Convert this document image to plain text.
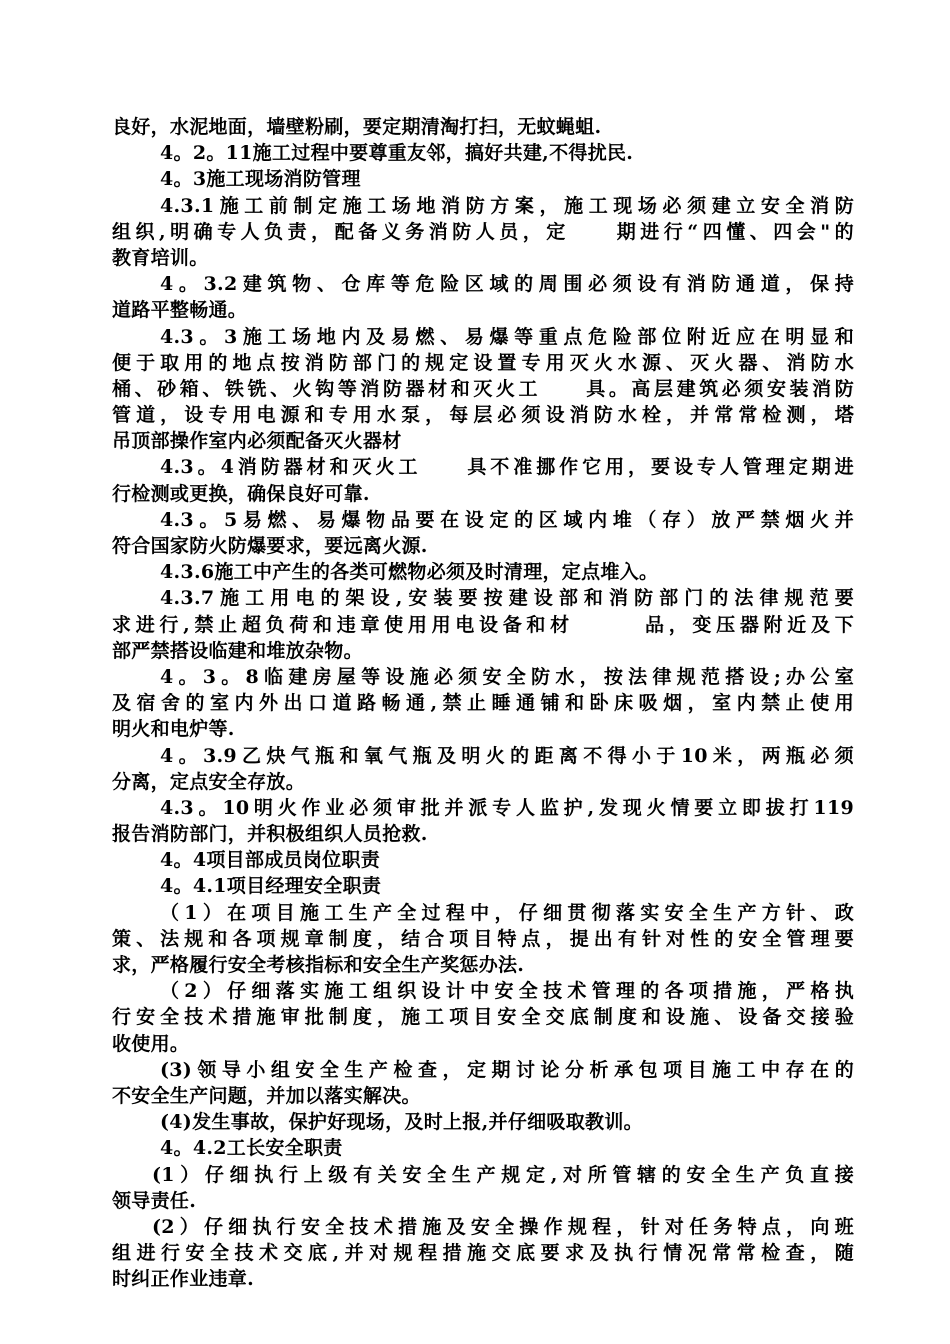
良好，水泥地面，墙壁粉刷，要定期清淘打扫，无蚊蝇蛆.
4。2。11施工过程中要尊重友邻，搞好共建,不得扰民.
4。3施工现场消防管理
4.3.1施工前制定施工场地消防方案，施工现场必须建立安全消防
组织,明确专人负责，配备义务消防人员，定　　期进行“四懂、四会"的
教育培训。
4。3.2建筑物、仓库等危险区域的周围必须设有消防通道，保持
道路平整畅通。
4.3。3施工场地内及易燃、易爆等重点危险部位附近应在明显和
便于取用的地点按消防部门的规定设置专用灭火水源、灭火器、消防水
桶、砂箱、铁铣、火钩等消防器材和灭火工　　具。高层建筑必须安装消防
管道，设专用电源和专用水泵，每层必须设消防水栓，并常常检测，塔
吊顶部操作室内必须配备灭火器材
4.3。4消防器材和灭火工　　具不准挪作它用，要设专人管理定期进
行检测或更换，确保良好可靠.
4.3。5易燃、易爆物品要在设定的区域内堆（存）放严禁烟火并
符合国家防火防爆要求，要远离火源.
4.3.6施工中产生的各类可燃物必须及时清理，定点堆入。
4.3.7施工用电的架设,安装要按建设部和消防部门的法律规范要
求进行,禁止超负荷和违章使用用电设备和材　　　品，变压器附近及下
部严禁搭设临建和堆放杂物。
4。3。8临建房屋等设施必须安全防水，按法律规范搭设;办公室
及宿舍的室内外出口道路畅通,禁止睡通铺和卧床吸烟，室内禁止使用
明火和电炉等.
4。3.9乙炔气瓶和氧气瓶及明火的距离不得小于10米，两瓶必须
分离，定点安全存放。
4.3。10明火作业必须审批并派专人监护,发现火情要立即拔打119
报告消防部门，并积极组织人员抢救.
4。4项目部成员岗位职责
4。4.1项目经理安全职责
（1）在项目施工生产全过程中，仔细贯彻落实安全生产方针、政
策、法规和各项规章制度，结合项目特点，提出有针对性的安全管理要
求，严格履行安全考核指标和安全生产奖惩办法.
（2）仔细落实施工组织设计中安全技术管理的各项措施，严格执
行安全技术措施审批制度，施工项目安全交底制度和设施、设备交接验
收使用。
(3)领导小组安全生产检查，定期讨论分析承包项目施工中存在的
不安全生产问题，并加以落实解决。
(4)发生事故，保护好现场，及时上报,并仔细吸取教训。
4。4.2工长安全职责
(1）仔细执行上级有关安全生产规定,对所管辖的安全生产负直接
领导责任.
(2）仔细执行安全技术措施及安全操作规程，针对任务特点，向班
组进行安全技术交底,并对规程措施交底要求及执行情况常常检查，随
时纠正作业违章.
